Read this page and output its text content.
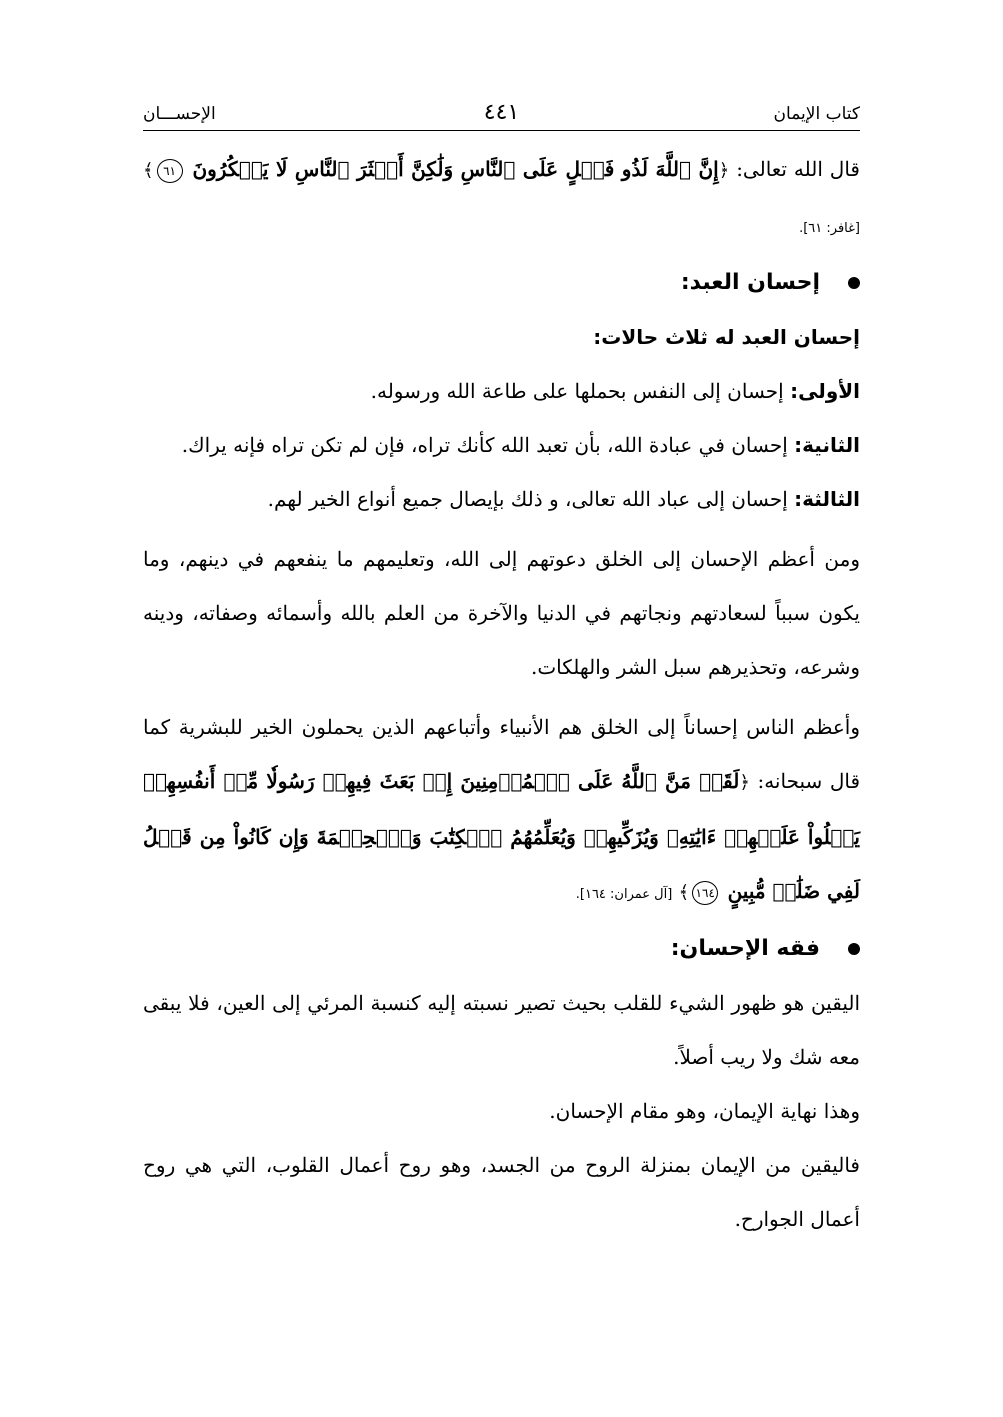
كتاب الإيمان
٤٤١
الإحســـان

قال الله تعالى: ﴿إِنَّ ٱللَّهَ لَذُو فَضۡلٍ عَلَى ٱلنَّاسِ وَلَٰكِنَّ أَكۡثَرَ ٱلنَّاسِ لَا يَشۡكُرُونَ ٦١﴾ [غافر: ٦١].

إحسان العبد:

إحسان العبد له ثلاث حالات:

الأولى: إحسان إلى النفس بحملها على طاعة الله ورسوله.

الثانية: إحسان في عبادة الله، بأن تعبد الله كأنك تراه، فإن لم تكن تراه فإنه يراك.

الثالثة: إحسان إلى عباد الله تعالى، و ذلك بإيصال جميع أنواع الخير لهم.

ومن أعظم الإحسان إلى الخلق دعوتهم إلى الله، وتعليمهم ما ينفعهم في دينهم، وما يكون سبباً لسعادتهم ونجاتهم في الدنيا والآخرة من العلم بالله وأسمائه وصفاته، ودينه وشرعه، وتحذيرهم سبل الشر والهلكات.

وأعظم الناس إحساناً إلى الخلق هم الأنبياء وأتباعهم الذين يحملون الخير للبشرية كما قال سبحانه: ﴿لَقَدۡ مَنَّ ٱللَّهُ عَلَى ٱلۡمُؤۡمِنِينَ إِذۡ بَعَثَ فِيهِمۡ رَسُولٗا مِّنۡ أَنفُسِهِمۡ يَتۡلُواْ عَلَيۡهِمۡ ءَايَٰتِهِۦ وَيُزَكِّيهِمۡ وَيُعَلِّمُهُمُ ٱلۡكِتَٰبَ وَٱلۡحِكۡمَةَ وَإِن كَانُواْ مِن قَبۡلُ لَفِي ضَلَٰلٖ مُّبِينٍ ١٦٤﴾ [آل عمران: ١٦٤].

فقه الإحسان:

اليقين هو ظهور الشيء للقلب بحيث تصير نسبته إليه كنسبة المرئي إلى العين، فلا يبقى معه شك ولا ريب أصلاً.

وهذا نهاية الإيمان، وهو مقام الإحسان.

فاليقين من الإيمان بمنزلة الروح من الجسد، وهو روح أعمال القلوب، التي هي روح أعمال الجوارح.
